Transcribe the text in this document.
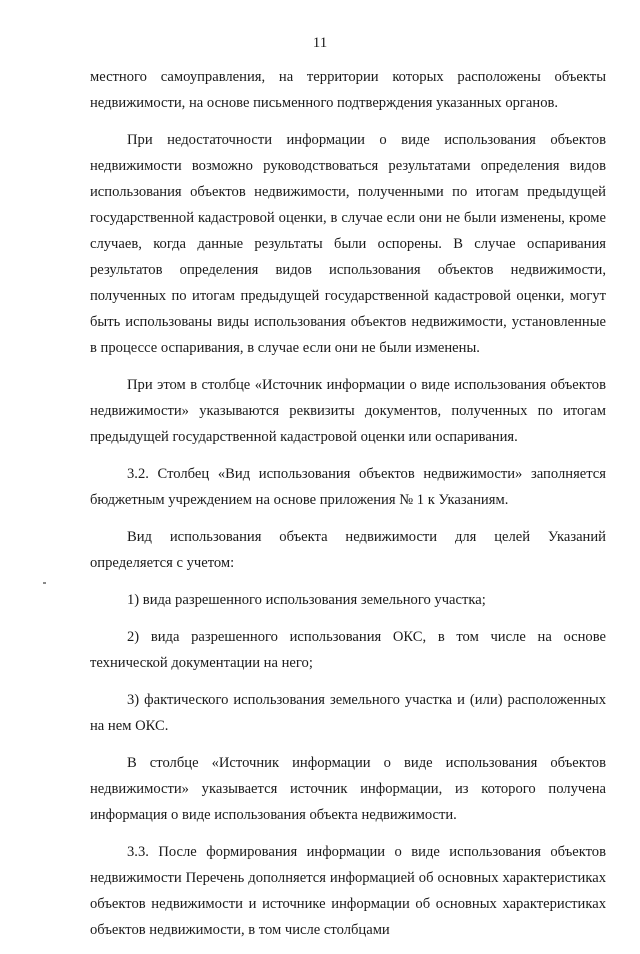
11

местного самоуправления, на территории которых расположены объекты недвижимости, на основе письменного подтверждения указанных органов.

При недостаточности информации о виде использования объектов недвижимости возможно руководствоваться результатами определения видов использования объектов недвижимости, полученными по итогам предыдущей государственной кадастровой оценки, в случае если они не были изменены, кроме случаев, когда данные результаты были оспорены. В случае оспаривания результатов определения видов использования объектов недвижимости, полученных по итогам предыдущей государственной кадастровой оценки, могут быть использованы виды использования объектов недвижимости, установленные в процессе оспаривания, в случае если они не были изменены.

При этом в столбце «Источник информации о виде использования объектов недвижимости» указываются реквизиты документов, полученных по итогам предыдущей государственной кадастровой оценки или оспаривания.

3.2. Столбец «Вид использования объектов недвижимости» заполняется бюджетным учреждением на основе приложения № 1 к Указаниям.

Вид использования объекта недвижимости для целей Указаний определяется с учетом:

1) вида разрешенного использования земельного участка;

2) вида разрешенного использования ОКС, в том числе на основе технической документации на него;

3) фактического использования земельного участка и (или) расположенных на нем ОКС.

В столбце «Источник информации о виде использования объектов недвижимости» указывается источник информации, из которого получена информация о виде использования объекта недвижимости.

3.3. После формирования информации о виде использования объектов недвижимости Перечень дополняется информацией об основных характеристиках объектов недвижимости и источнике информации об основных характеристиках объектов недвижимости, в том числе столбцами
